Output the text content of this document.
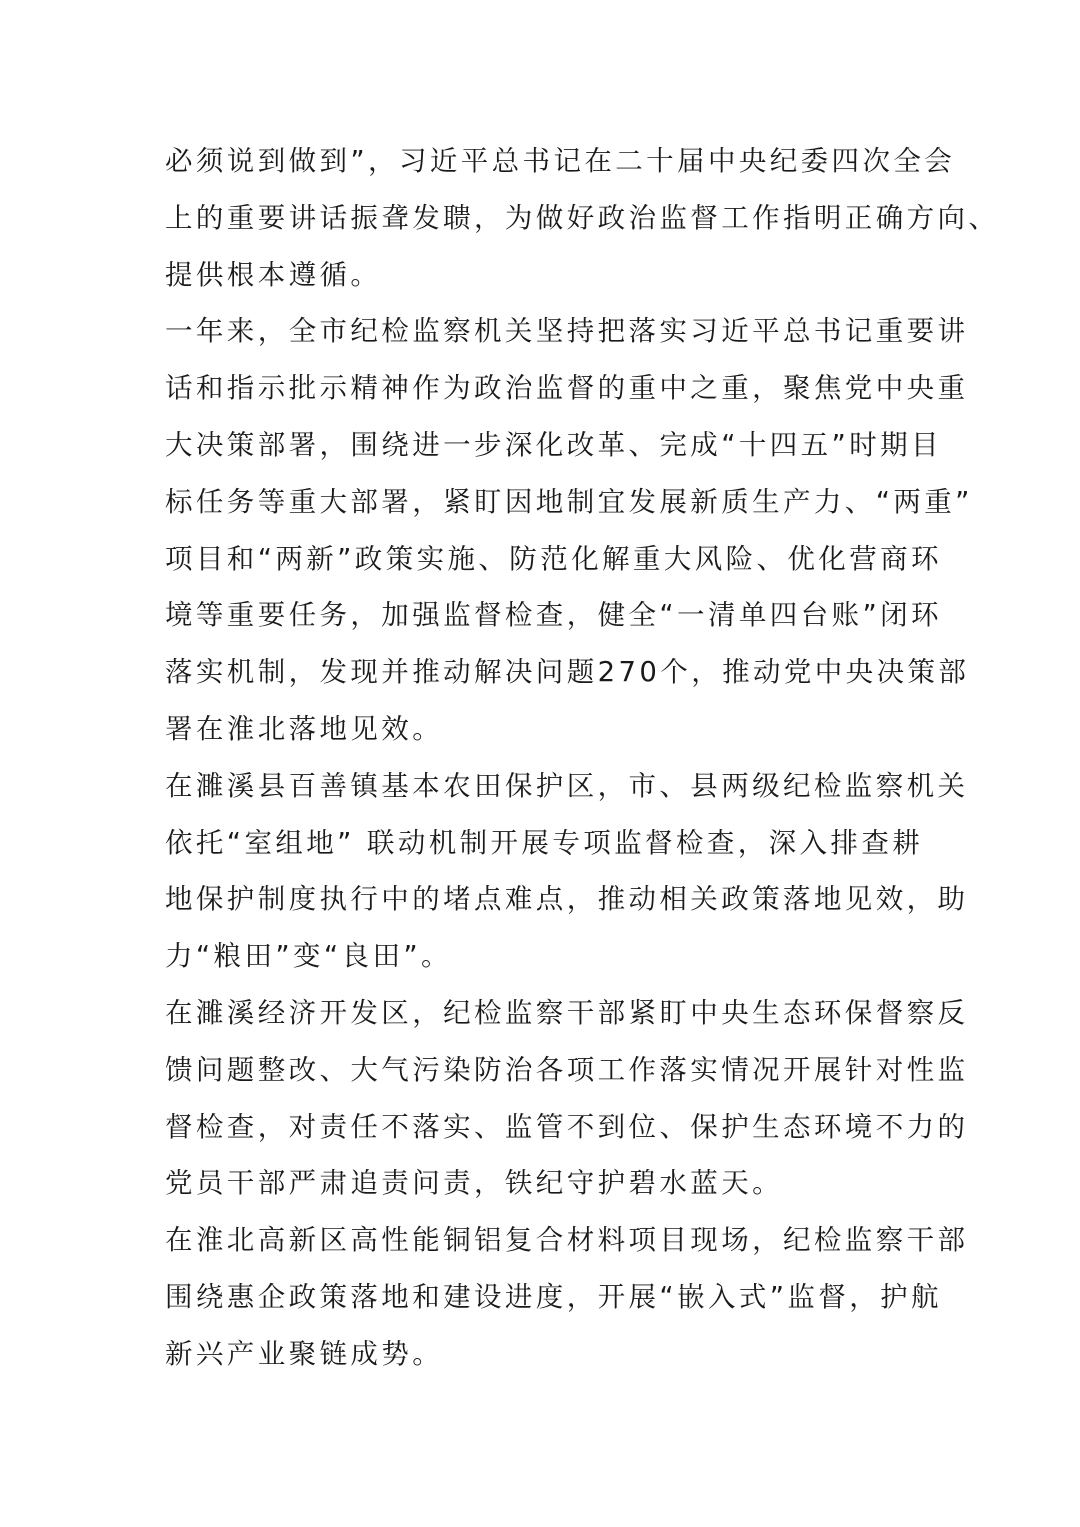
必须说到做到”，习近平总书记在二十届中央纪委四次全会
上的重要讲话振聋发聩，为做好政治监督工作指明正确方向、
提供根本遵循。
一年来，全市纪检监察机关坚持把落实习近平总书记重要讲
话和指示批示精神作为政治监督的重中之重，聚焦党中央重
大决策部署，围绕进一步深化改革、完成“十四五”时期目
标任务等重大部署，紧盯因地制宜发展新质生产力、“两重”
项目和“两新”政策实施、防范化解重大风险、优化营商环
境等重要任务，加强监督检查，健全“一清单四台账”闭环
落实机制，发现并推动解决问题270个，推动党中央决策部
署在淮北落地见效。
在濉溪县百善镇基本农田保护区，市、县两级纪检监察机关
依托“室组地” 联动机制开展专项监督检查，深入排查耕
地保护制度执行中的堵点难点，推动相关政策落地见效，助
力“粮田”变“良田”。
在濉溪经济开发区，纪检监察干部紧盯中央生态环保督察反
馈问题整改、大气污染防治各项工作落实情况开展针对性监
督检查，对责任不落实、监管不到位、保护生态环境不力的
党员干部严肃追责问责，铁纪守护碧水蓝天。
在淮北高新区高性能铜铝复合材料项目现场，纪检监察干部
围绕惠企政策落地和建设进度，开展“嵌入式”监督，护航
新兴产业聚链成势。
